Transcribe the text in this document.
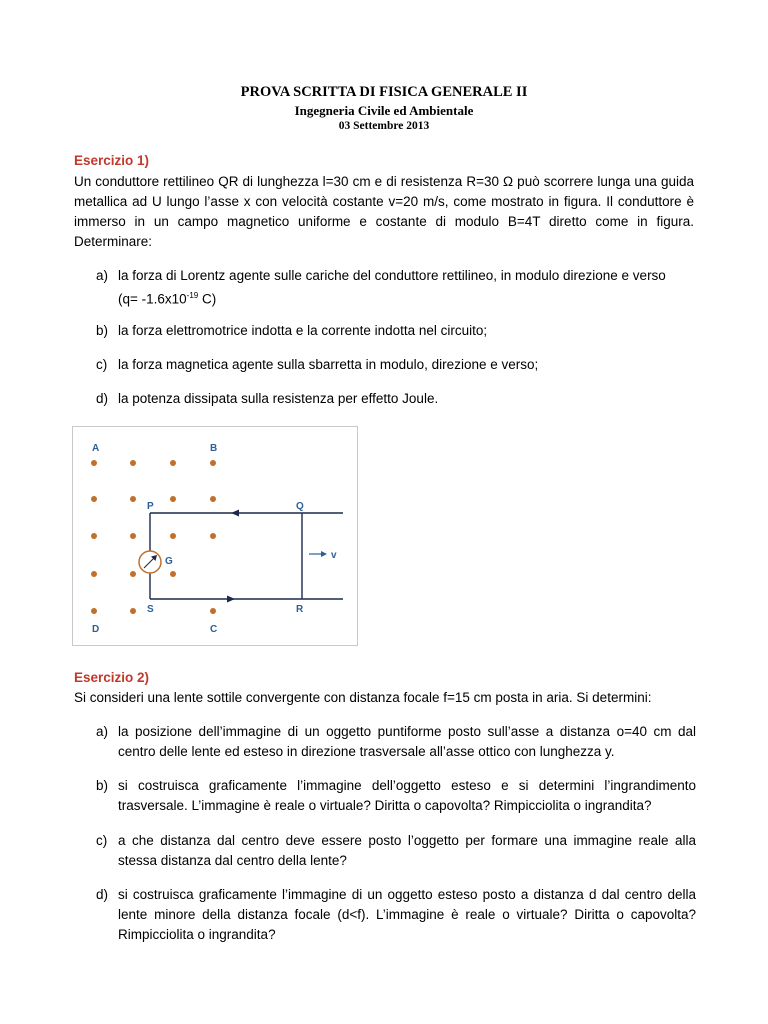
PROVA SCRITTA DI FISICA GENERALE II
Ingegneria Civile ed Ambientale
03 Settembre 2013
Esercizio 1)
Un conduttore rettilineo QR di lunghezza l=30 cm e di resistenza R=30 Ω può scorrere lunga una guida metallica ad U lungo l’asse x con velocità costante v=20 m/s, come mostrato in figura. Il conduttore è immerso in un campo magnetico uniforme e costante di modulo B=4T diretto come in figura. Determinare:
a) la forza di Lorentz agente sulle cariche del conduttore rettilineo, in modulo direzione e verso
($q= -1.6x10^{-19}$ C)
b) la forza elettromotrice indotta e la corrente indotta nel circuito;
c) la forza magnetica agente sulla sbarretta in modulo, direzione e verso;
d) la potenza dissipata sulla resistenza per effetto Joule.
A	B
D	C
P	Q
R
S
G
v
Esercizio 2)
Si consideri una lente sottile convergente con distanza focale f=15 cm posta in aria. Si determini:
a) la posizione dell’immagine di un oggetto puntiforme posto sull’asse a distanza o=40 cm dal centro delle lente ed esteso in direzione trasversale all’asse ottico con lunghezza y.
b) si costruisca graficamente l’immagine dell’oggetto esteso e si determini l’ingrandimento trasversale. L’immagine è reale o virtuale? Diritta o capovolta? Rimpicciolita o ingrandita?
c) a che distanza dal centro deve essere posto l’oggetto per formare una immagine reale alla stessa distanza dal centro della lente?
d) si costruisca graficamente l’immagine di un oggetto esteso posto a distanza d dal centro della lente minore della distanza focale (d<f). L’immagine è reale o virtuale? Diritta o capovolta? Rimpicciolita o ingrandita?
